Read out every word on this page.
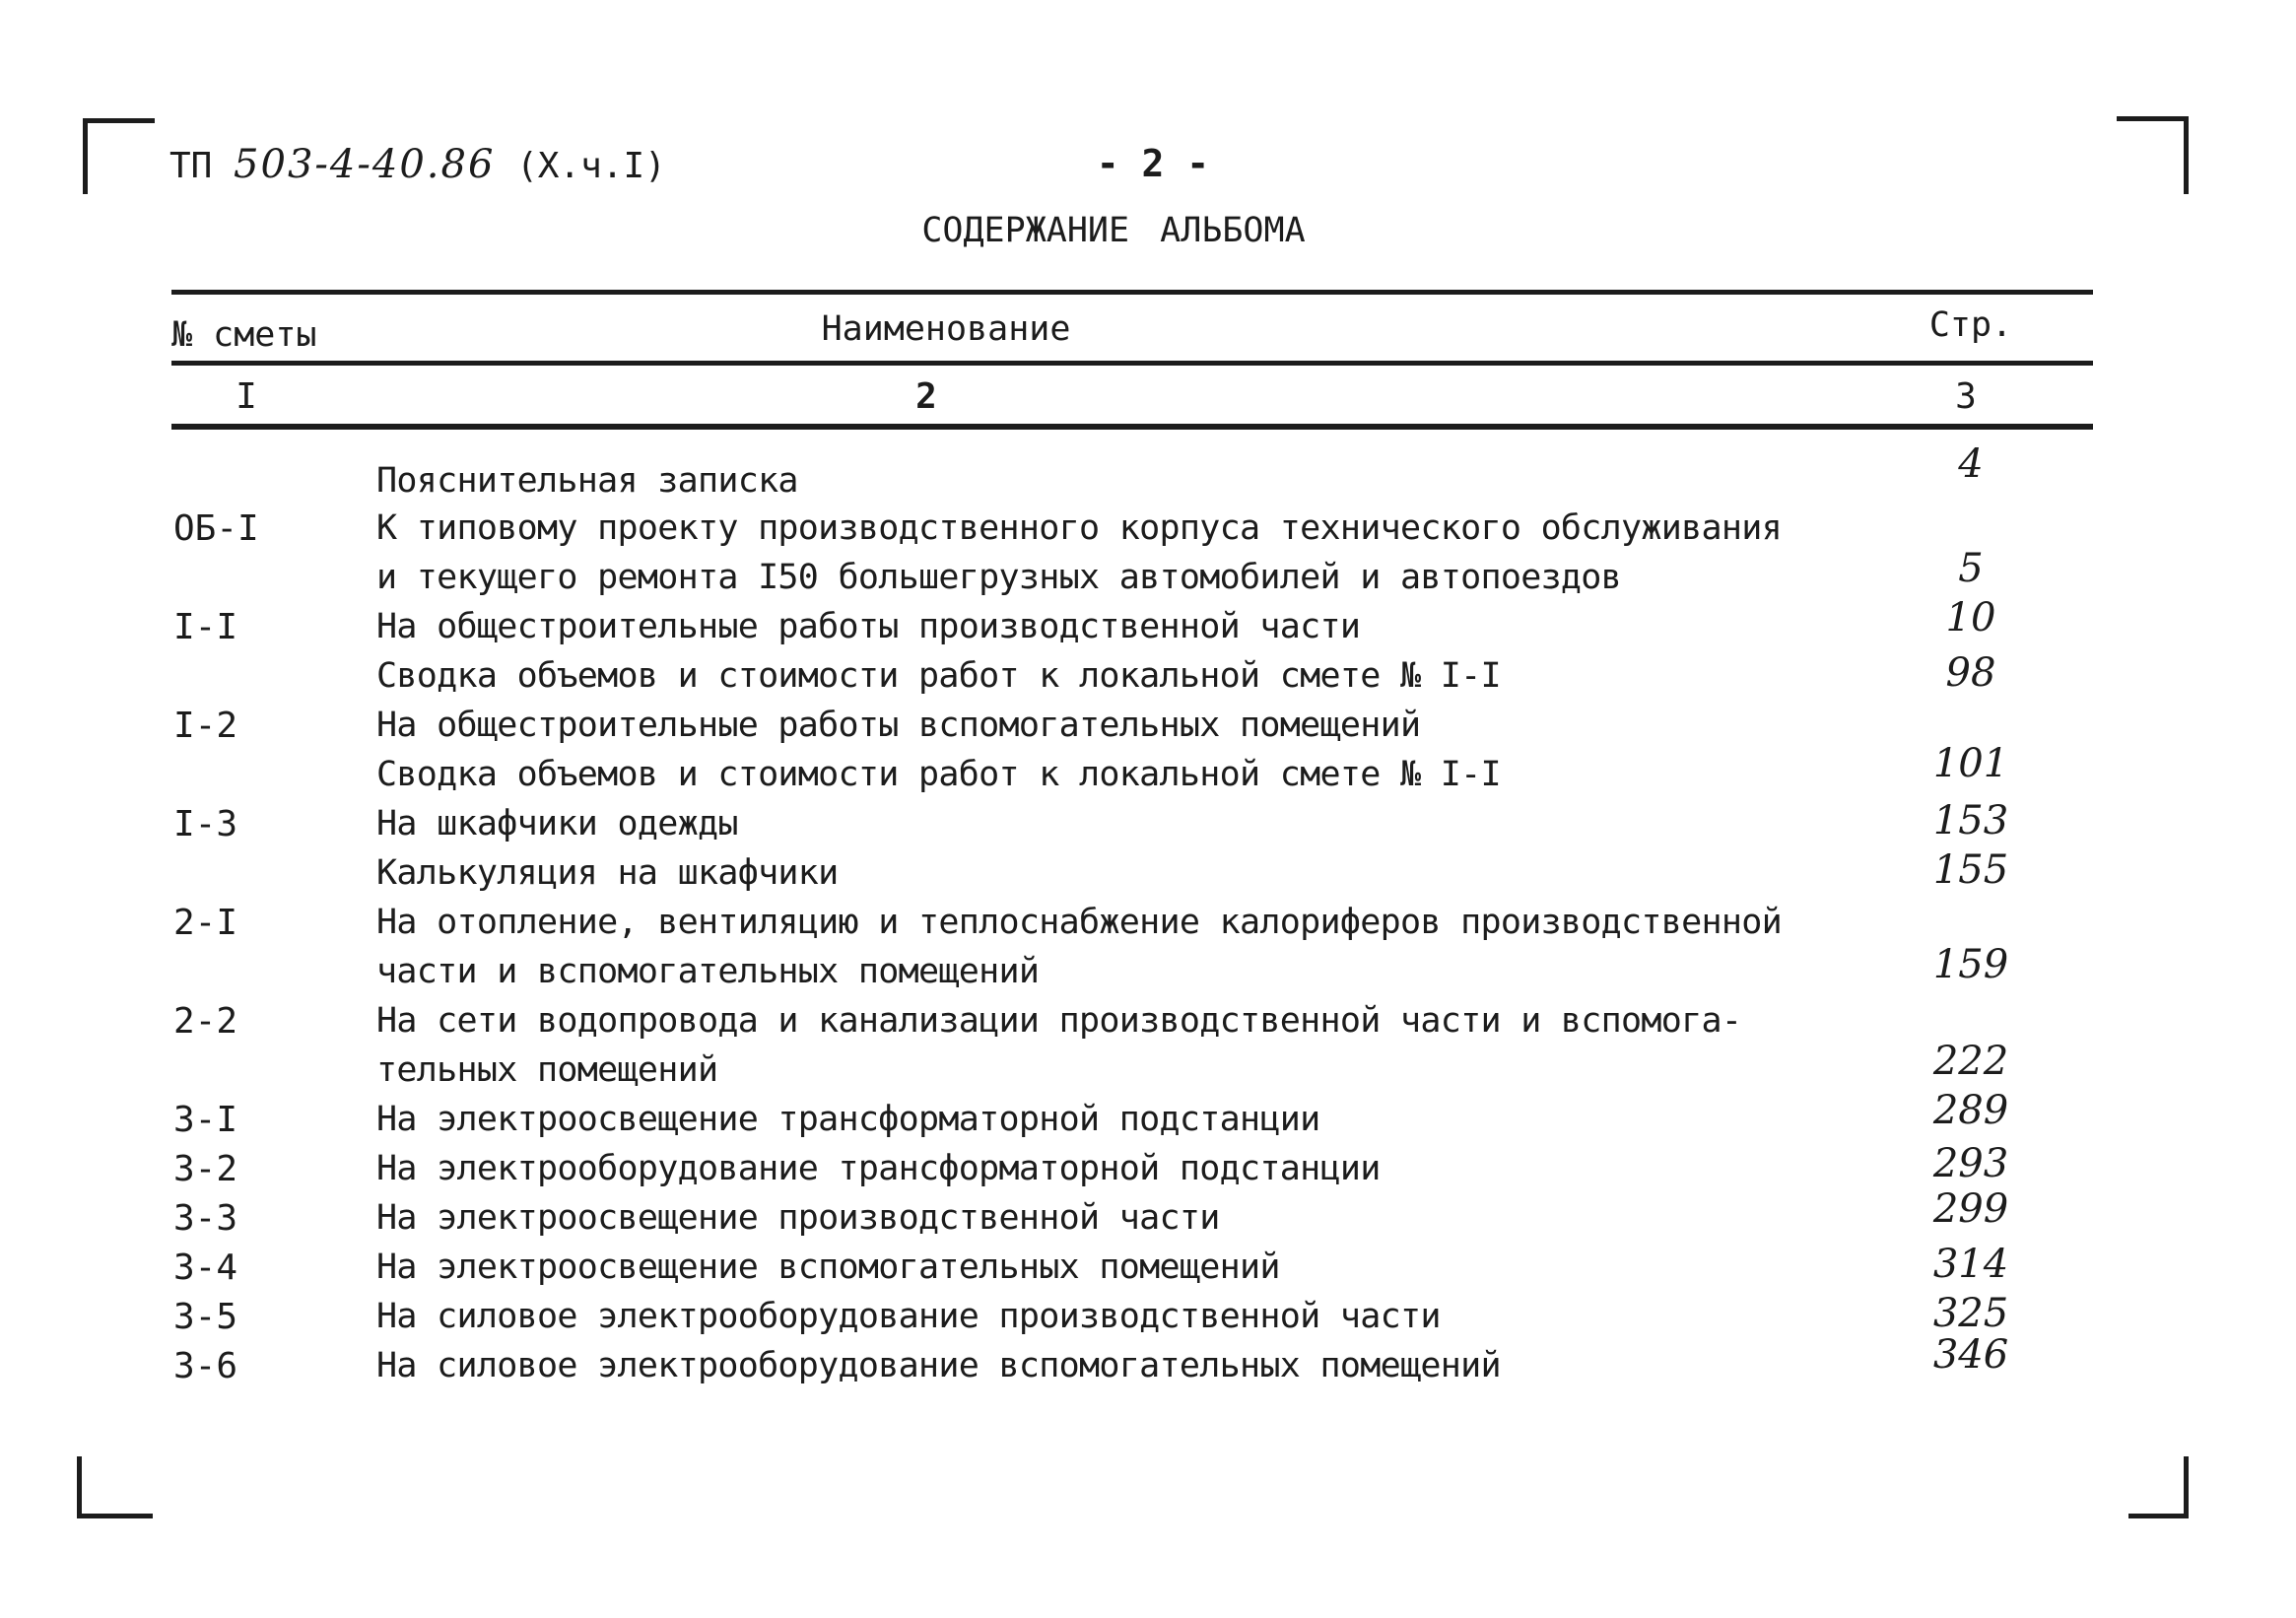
ТП 503-4-40.86 (Х.ч.I)	- 2 -
СОДЕРЖАНИЕ АЛЬБОМА
№ сметы	Наименование	Стр.
I	2	3
Пояснительная записка	4
ОБ-I	К типовому проекту производственного корпуса технического обслуживания
и текущего ремонта I50 большегрузных автомобилей и автопоездов	5
I-I	На общестроительные работы производственной части	10
Сводка объемов и стоимости работ к локальной смете № I-I	98
I-2	На общестроительные работы вспомогательных помещений
Сводка объемов и стоимости работ к локальной смете № I-I	101
I-3	На шкафчики одежды	153
Калькуляция на шкафчики	155
2-I	На отопление, вентиляцию и теплоснабжение калориферов производственной
части и вспомогательных помещений	159
2-2	На сети водопровода и канализации производственной части и вспомога-
тельных помещений	222
3-I	На электроосвещение трансформаторной подстанции	289
3-2	На электрооборудование трансформаторной подстанции	293
3-3	На электроосвещение производственной части	299
3-4	На электроосвещение вспомогательных помещений	314
3-5	На силовое электрооборудование производственной части	325
3-6	На силовое электрооборудование вспомогательных помещений	346
